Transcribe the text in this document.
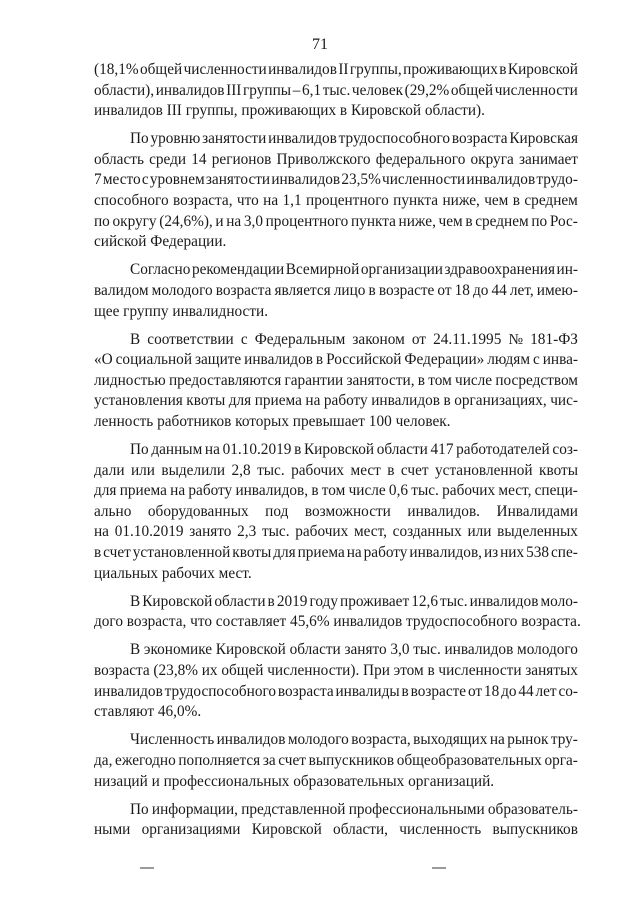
71
(18,1% общей численности инвалидов II группы, проживающих в Кировской
области), инвалидов III группы – 6,1 тыс. человек (29,2% общей численности
инвалидов III группы, проживающих в Кировской области).
По уровню занятости инвалидов трудоспособного возраста Кировская
область среди 14 регионов Приволжского федерального округа занимает
7 место с уровнем занятости инвалидов 23,5% численности инвалидов трудо-
способного возраста, что на 1,1 процентного пункта ниже, чем в среднем
по округу (24,6%), и на 3,0 процентного пункта ниже, чем в среднем по Рос-
сийской Федерации.
Согласно рекомендации Всемирной организации здравоохранения ин-
валидом молодого возраста является лицо в возрасте от 18 до 44 лет, имею-
щее группу инвалидности.
В соответствии с Федеральным законом от 24.11.1995 № 181-ФЗ
«О социальной защите инвалидов в Российской Федерации» людям с инва-
лидностью предоставляются гарантии занятости, в том числе посредством
установления квоты для приема на работу инвалидов в организациях, чис-
ленность работников которых превышает 100 человек.
По данным на 01.10.2019 в Кировской области 417 работодателей соз-
дали или выделили 2,8 тыс. рабочих мест в счет установленной квоты
для приема на работу инвалидов, в том числе 0,6 тыс. рабочих мест, специ-
ально оборудованных под возможности инвалидов. Инвалидами
на 01.10.2019 занято 2,3 тыс. рабочих мест, созданных или выделенных
в счет установленной квоты для приема на работу инвалидов, из них 538 спе-
циальных рабочих мест.
В Кировской области в 2019 году проживает 12,6 тыс. инвалидов моло-
дого возраста, что составляет 45,6% инвалидов трудоспособного возраста.
В экономике Кировской области занято 3,0 тыс. инвалидов молодого
возраста (23,8% их общей численности). При этом в численности занятых
инвалидов трудоспособного возраста инвалиды в возрасте от 18 до 44 лет со-
ставляют 46,0%.
Численность инвалидов молодого возраста, выходящих на рынок тру-
да, ежегодно пополняется за счет выпускников общеобразовательных орга-
низаций и профессиональных образовательных организаций.
По информации, представленной профессиональными образователь-
ными организациями Кировской области, численность выпускников
